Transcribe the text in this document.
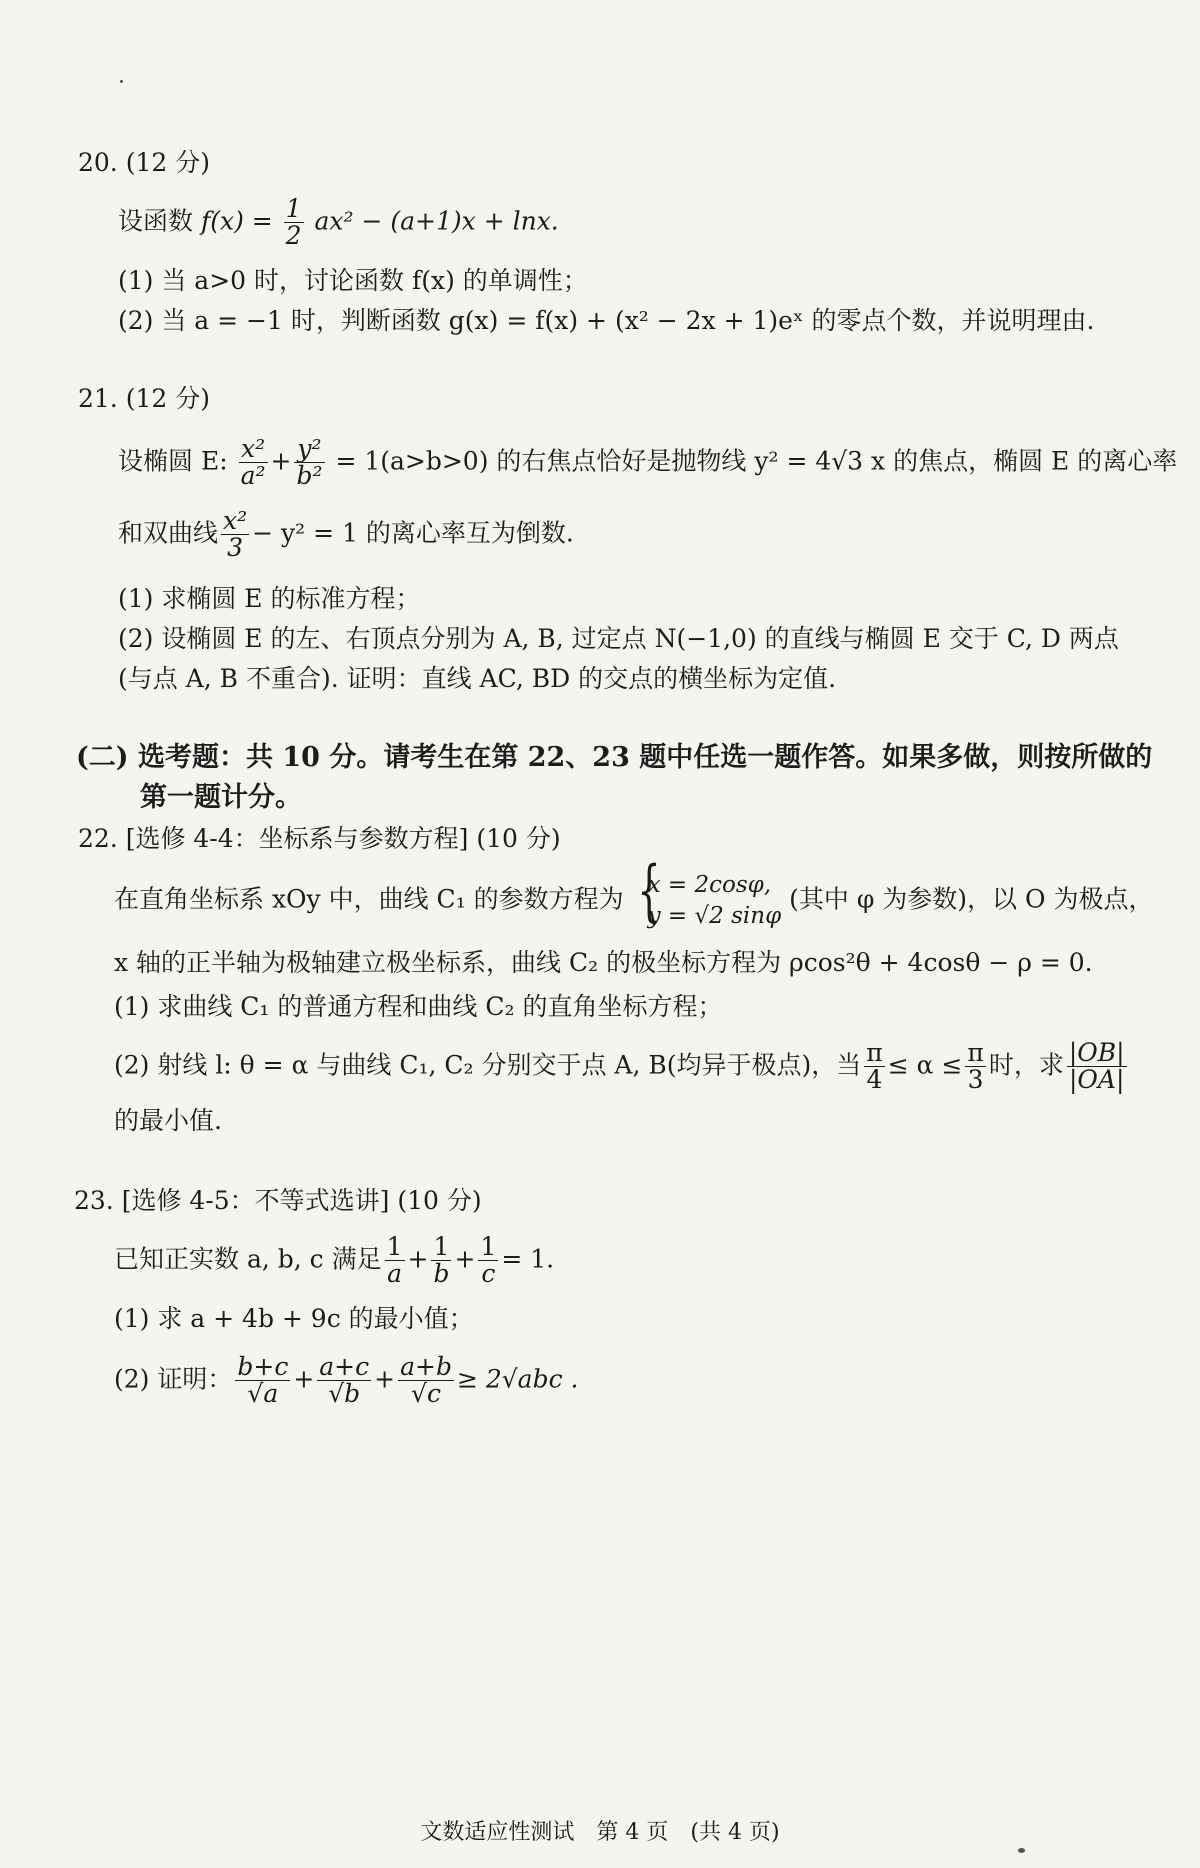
20. (12 分)
设函数 $f(x) = \frac{1}{2} ax^2 - (a+1)x + \ln x$.
(1) 当 a>0 时，讨论函数 f(x) 的单调性；
(2) 当 a = −1 时，判断函数 g(x) = f(x) + (x² − 2x + 1)eˣ 的零点个数，并说明理由.
21. (12 分)
设椭圆 E: $\frac{\text{x²}}{\text{a²}} + \frac{\text{y²}}{\text{b²}} = 1(a>b>0)$ 的右焦点恰好是抛物线 y² = 4√3 x 的焦点，椭圆 E 的离心率
和双曲线 $\frac{\text{x²}}{3} - y^2 = 1$ 的离心率互为倒数.
(1) 求椭圆 E 的标准方程；
(2) 设椭圆 E 的左、右顶点分别为 A, B, 过定点 N(−1,0) 的直线与椭圆 E 交于 C, D 两点
(与点 A, B 不重合). 证明：直线 AC, BD 的交点的横坐标为定值.
(二) 选考题：共 10 分。请考生在第 22、23 题中任选一题作答。如果多做，则按所做的
第一题计分。
22. [选修 4-4：坐标系与参数方程] (10 分)
在直角坐标系 xOy 中，曲线 C₁ 的参数方程为
{ x = 2cosφ,
y = √2 sinφ
(其中 φ 为参数)，以 O 为极点，
x 轴的正半轴为极轴建立极坐标系，曲线 C₂ 的极坐标方程为 ρcos²θ + 4cosθ − ρ = 0.
(1) 求曲线 C₁ 的普通方程和曲线 C₂ 的直角坐标方程；
(2) 射线 l: θ = α 与曲线 C₁, C₂ 分别交于点 A, B(均异于极点)，当 $\frac{\pi}{4} \le \alpha \le \frac{\pi}{3}$ 时，求 $\frac{|OB|}{|OA|}$
的最小值.
23. [选修 4-5：不等式选讲] (10 分)
已知正实数 a, b, c 满足 $\frac{1}{a} + \frac{1}{b} + \frac{1}{c} = 1$.
(1) 求 a + 4b + 9c 的最小值；
(2) 证明： $\frac{b+c}{√a} + \frac{a+c}{√b} + \frac{a+b}{√c} \ge 2√abc$ .
文数适应性测试　第 4 页　(共 4 页)
